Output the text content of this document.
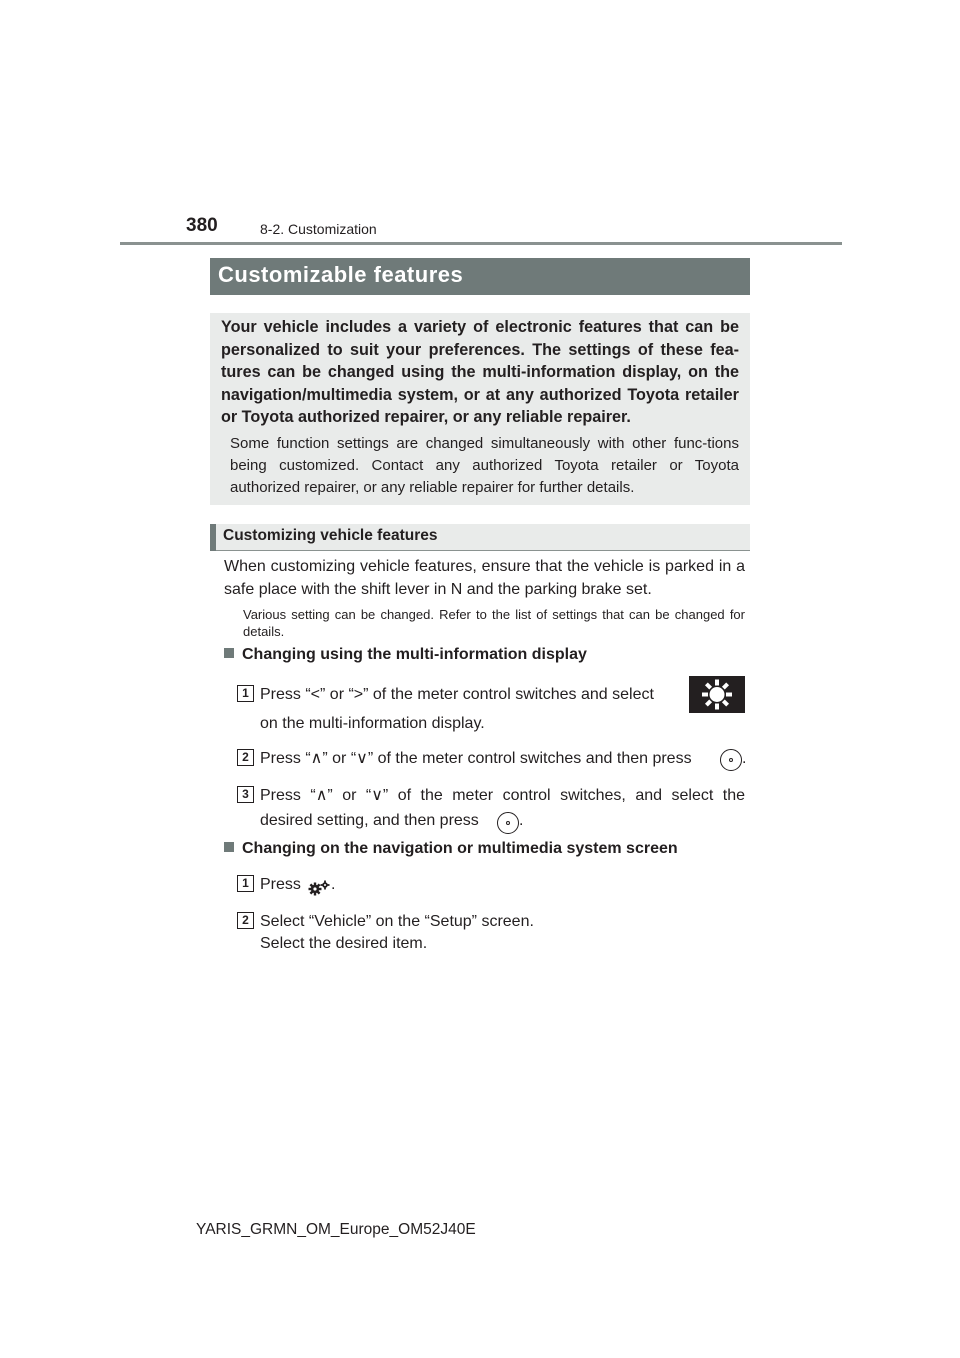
380	8-2. Customization
Customizable features
Your vehicle includes a variety of electronic features that can be personalized to suit your preferences. The settings of these fea-tures can be changed using the multi-information display, on the navigation/multimedia system, or at any authorized Toyota retailer or Toyota authorized repairer, or any reliable repairer.
Some function settings are changed simultaneously with other func-tions being customized. Contact any authorized Toyota retailer or Toyota authorized repairer, or any reliable repairer for further details.
Customizing vehicle features
When customizing vehicle features, ensure that the vehicle is parked in a safe place with the shift lever in N and the parking brake set.
Various setting can be changed. Refer to the list of settings that can be changed for details.
Changing using the multi-information display
1 Press “<” or “>” of the meter control switches and select
on the multi-information display.
2 Press “∧” or “∨” of the meter control switches and then press	.
3 Press “∧” or “∨” of the meter control switches, and select the
desired setting, and then press	.
Changing on the navigation or multimedia system screen
1 Press .
2 Select “Vehicle” on the “Setup” screen.
Select the desired item.
YARIS_GRMN_OM_Europe_OM52J40E
